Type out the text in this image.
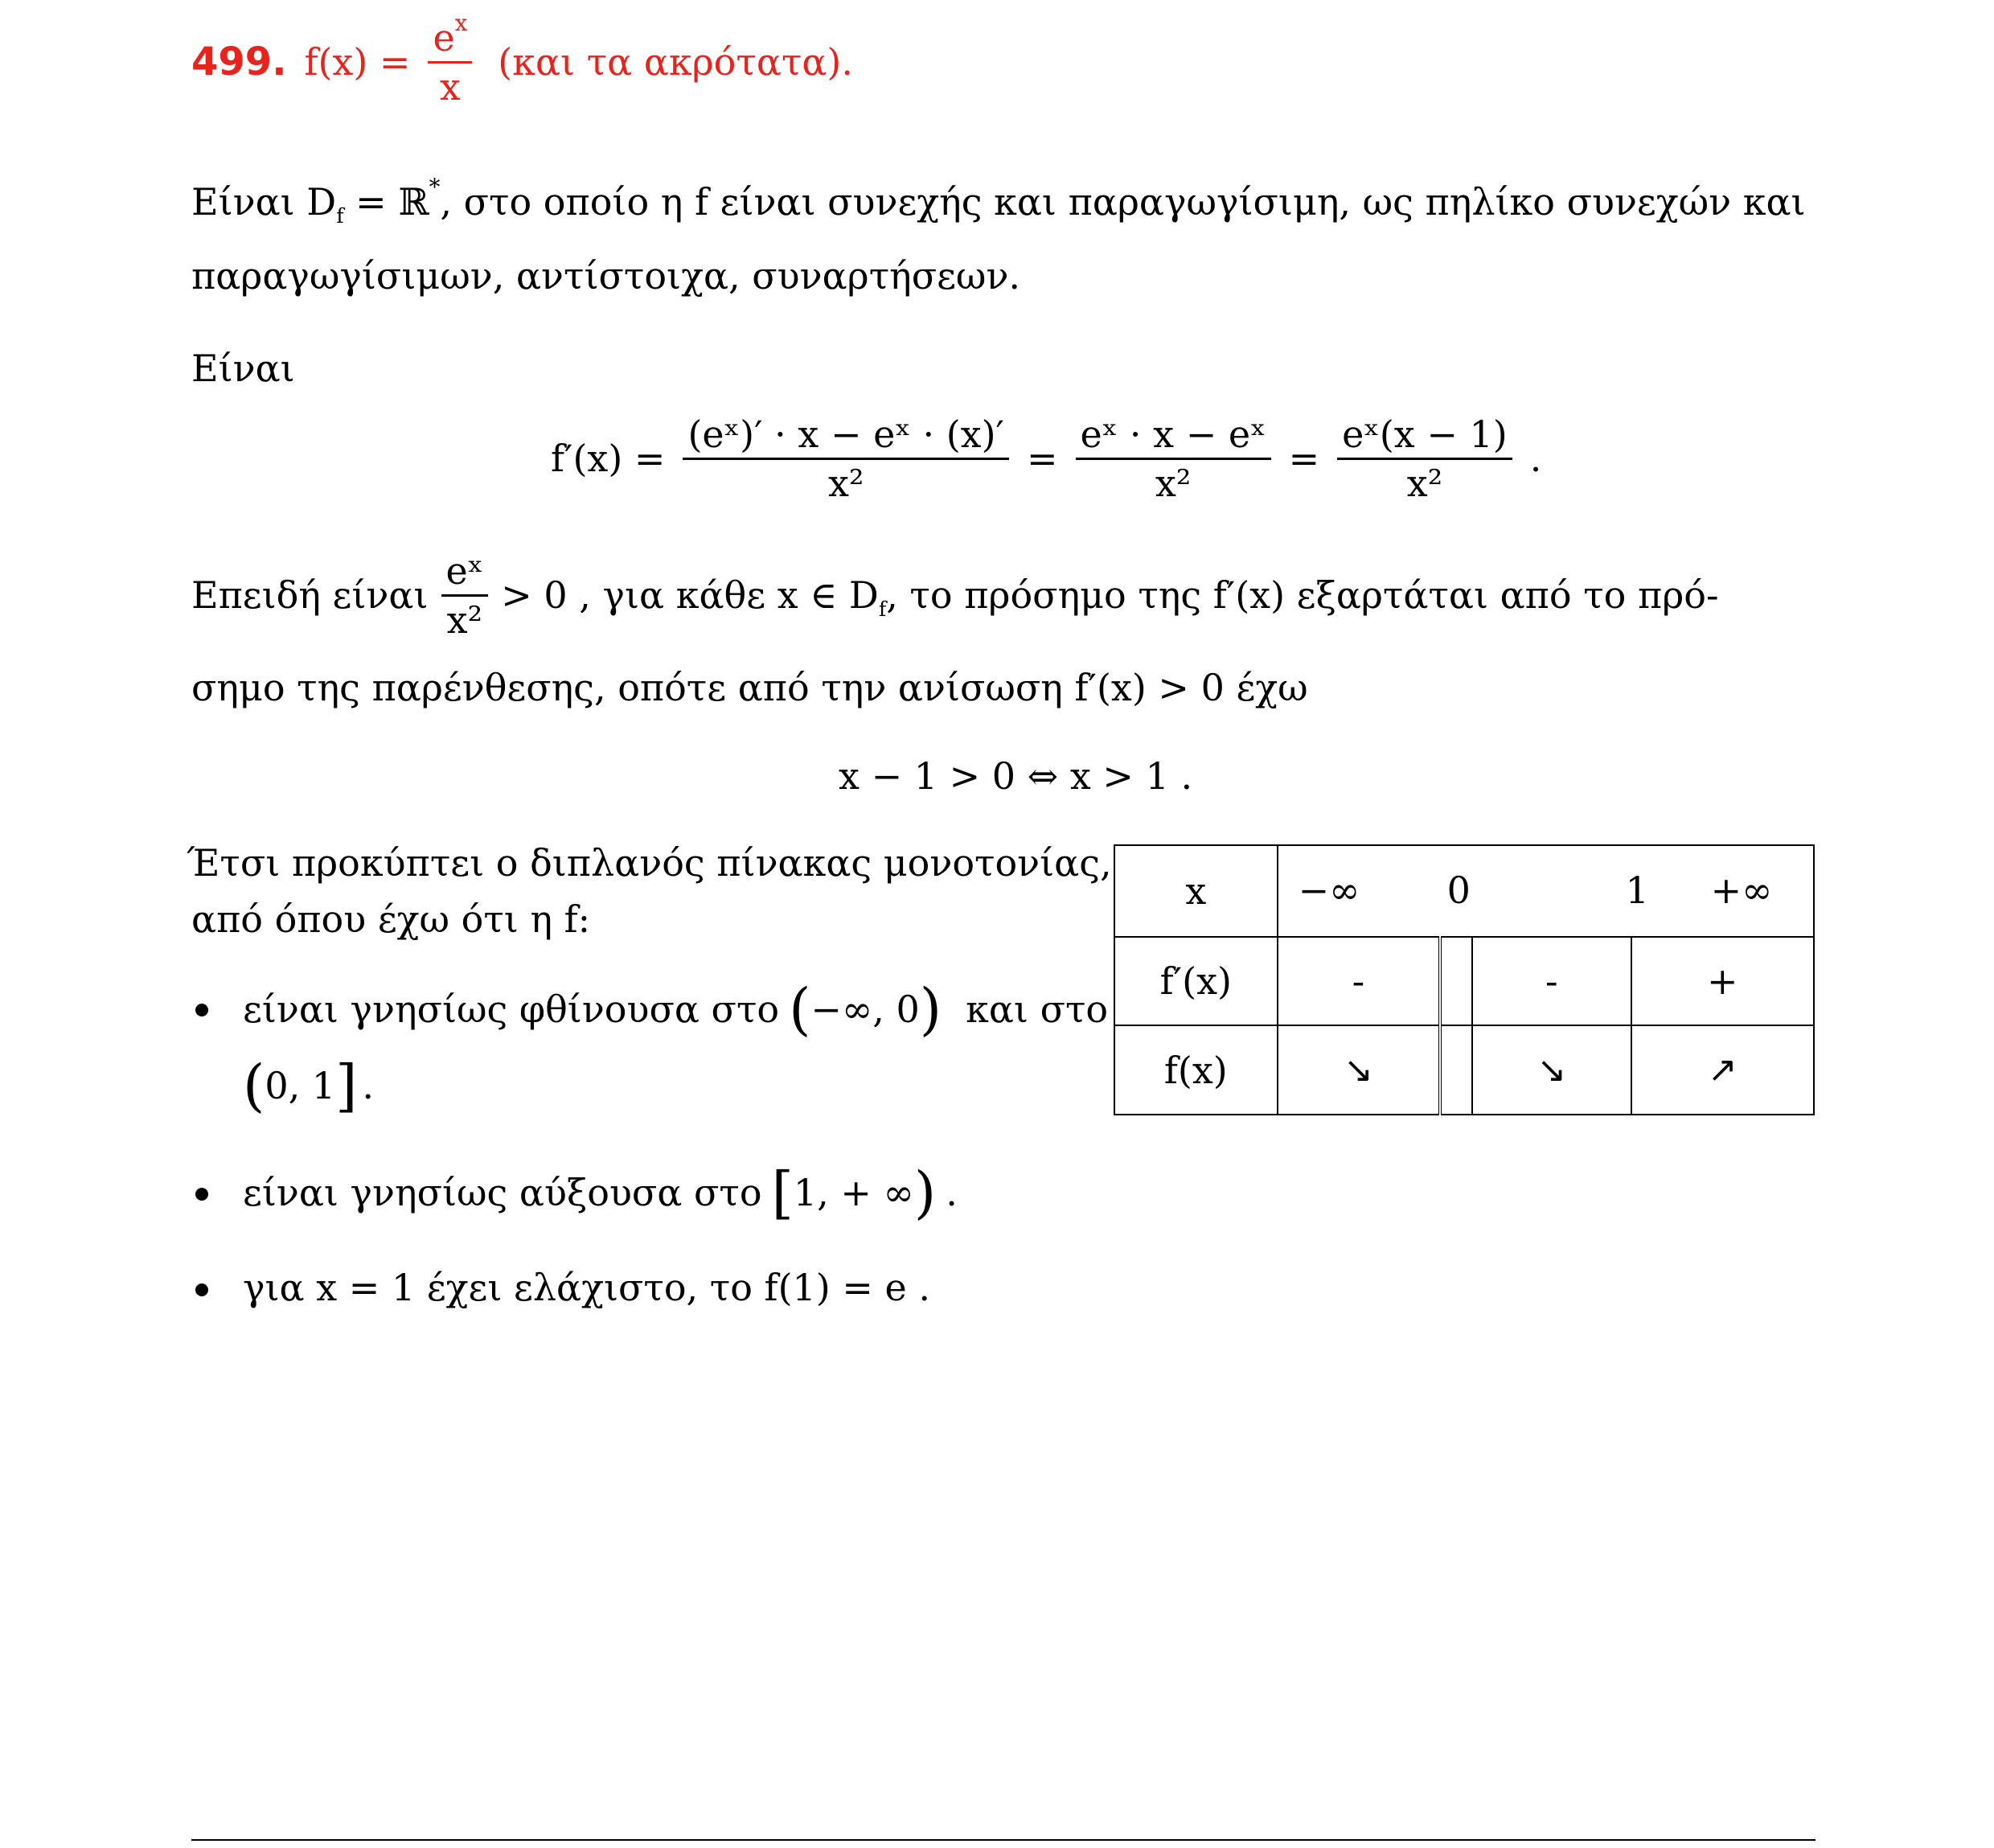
499. $f(x) = \frac{e^x}{x} (\kappa\alpha\iota$ τα ακρότατα).
Είναι $D_f$ = ℝ*, στο οποίο η f είναι συνεχής και παραγωγίσιμη, ως πηλίκο συνεχών και
παραγωγίσιμων, αντίστοιχα, συναρτήσεων.
Είναι
$f'(x) = \frac{\text{(eˣ)′ · x − eˣ · (x)′}}{\text{x²}} = \frac{\text{eˣ · x − eˣ}}{\text{x²}} = \frac{\text{eˣ(x − 1)}}{\text{x²}}$ .
Επειδή είναι $\frac{\text{eˣ}}{\text{x²}} > 0$ , για κάθε x ∈ $D_f$, το πρόσημο της f′(x) εξαρτάται από το πρό-
σημο της παρένθεσης, οπότε από την ανίσωση f′(x) > 0 έχω
x − 1 > 0 ⇔ x > 1 .
Έτσι προκύπτει ο διπλανός πίνακας μονοτονίας,
από όπου έχω ότι η f:
x	−∞ 0 1 +∞			

f′(x)	-		-	+
f(x)	↘		↘	↗
είναι γνησίως φθίνουσα στο (−∞, 0) και στο
(0, 1] .
είναι γνησίως αύξουσα στο [1, + ∞) .
για x = 1 έχει ελάχιστο, το f(1) = e .
